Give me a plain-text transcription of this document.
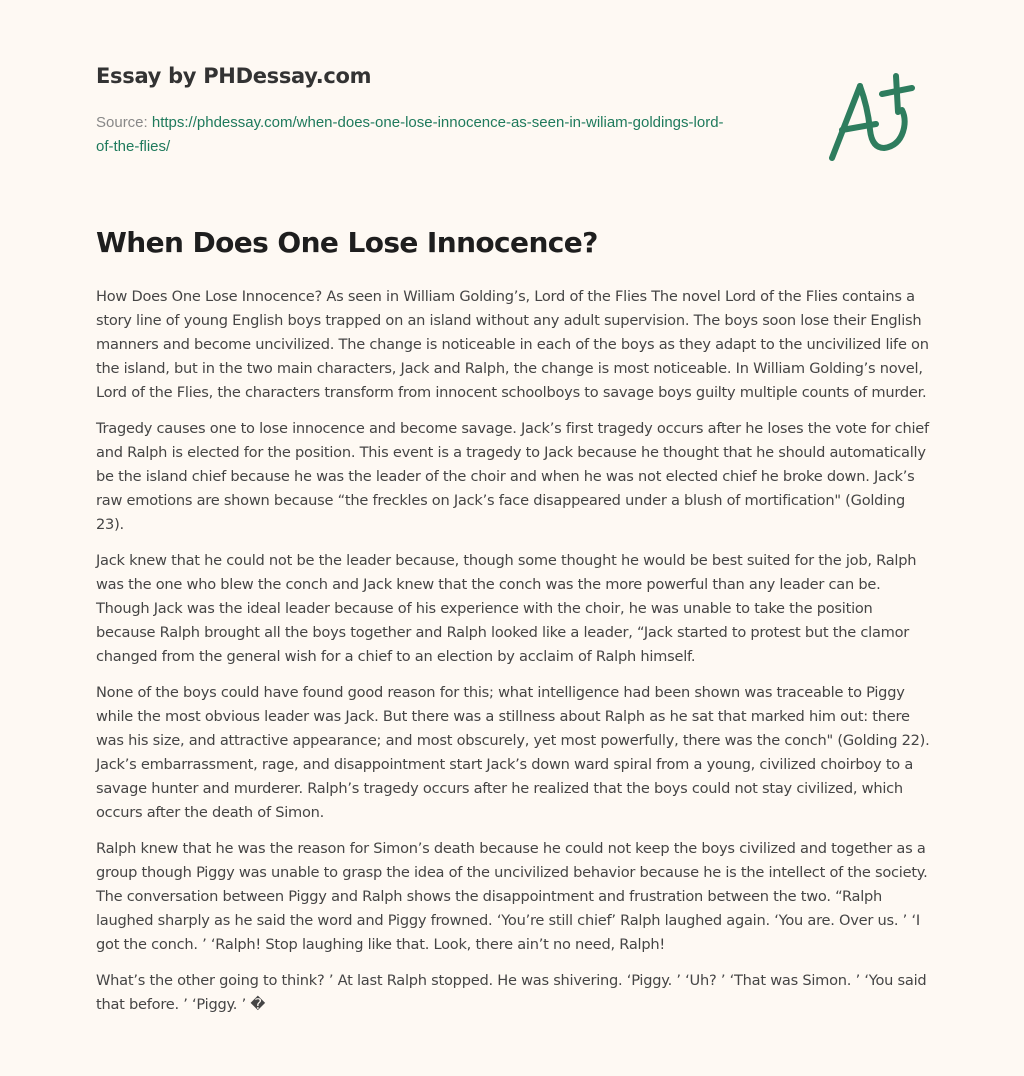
Essay by PHDessay.com
Source: https://phdessay.com/when-does-one-lose-innocence-as-seen-in-wiliam-goldings-lord-of-the-flies/
When Does One Lose Innocence?

How Does One Lose Innocence? As seen in William Golding’s, Lord of the Flies The novel Lord of the Flies contains a story line of young English boys trapped on an island without any adult supervision. The boys soon lose their English manners and become uncivilized. The change is noticeable in each of the boys as they adapt to the uncivilized life on the island, but in the two main characters, Jack and Ralph, the change is most noticeable. In William Golding’s novel, Lord of the Flies, the characters transform from innocent schoolboys to savage boys guilty multiple counts of murder.

Tragedy causes one to lose innocence and become savage. Jack’s first tragedy occurs after he loses the vote for chief and Ralph is elected for the position. This event is a tragedy to Jack because he thought that he should automatically be the island chief because he was the leader of the choir and when he was not elected chief he broke down. Jack’s raw emotions are shown because “the freckles on Jack’s face disappeared under a blush of mortification" (Golding 23).

Jack knew that he could not be the leader because, though some thought he would be best suited for the job, Ralph was the one who blew the conch and Jack knew that the conch was the more powerful than any leader can be. Though Jack was the ideal leader because of his experience with the choir, he was unable to take the position because Ralph brought all the boys together and Ralph looked like a leader, “Jack started to protest but the clamor changed from the general wish for a chief to an election by acclaim of Ralph himself.

None of the boys could have found good reason for this; what intelligence had been shown was traceable to Piggy while the most obvious leader was Jack. But there was a stillness about Ralph as he sat that marked him out: there was his size, and attractive appearance; and most obscurely, yet most powerfully, there was the conch" (Golding 22). Jack’s embarrassment, rage, and disappointment start Jack’s down ward spiral from a young, civilized choirboy to a savage hunter and murderer. Ralph’s tragedy occurs after he realized that the boys could not stay civilized, which occurs after the death of Simon.

Ralph knew that he was the reason for Simon’s death because he could not keep the boys civilized and together as a group though Piggy was unable to grasp the idea of the uncivilized behavior because he is the intellect of the society. The conversation between Piggy and Ralph shows the disappointment and frustration between the two. “Ralph laughed sharply as he said the word and Piggy frowned. ‘You’re still chief’ Ralph laughed again. ‘You are. Over us. ’ ‘I got the conch. ’ ‘Ralph! Stop laughing like that. Look, there ain’t no need, Ralph!

What’s the other going to think? ’ At last Ralph stopped. He was shivering. ‘Piggy. ’ ‘Uh? ’ ‘That was Simon. ’ ‘You said that before. ’ ‘Piggy. ’ �
